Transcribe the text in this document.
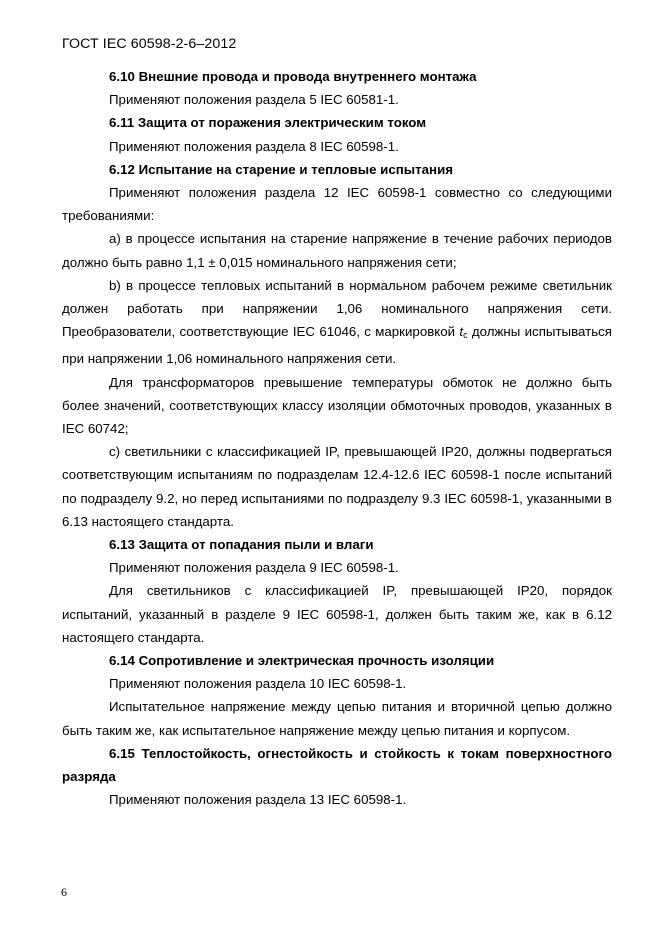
ГОСТ IEC 60598-2-6–2012

6.10 Внешние провода и провода внутреннего монтажа

Применяют положения раздела 5 IEC 60581-1.

6.11 Защита от поражения электрическим током

Применяют положения раздела 8 IEC 60598-1.

6.12 Испытание на старение и тепловые испытания

Применяют положения раздела 12 IEC 60598-1 совместно со следующими требованиями:

а) в процессе испытания на старение напряжение в течение рабочих периодов должно быть равно 1,1 ± 0,015 номинального напряжения сети;

b) в процессе тепловых испытаний в нормальном рабочем режиме светильник должен работать при напряжении 1,06 номинального напряжения сети. Преобразователи, соответствующие IEC 61046, с маркировкой $t_c$ должны испытываться при напряжении 1,06 номинального напряжения сети.

Для трансформаторов превышение температуры обмоток не должно быть более значений, соответствующих классу изоляции обмоточных проводов, указанных в IEC 60742;

с) светильники с классификацией IP, превышающей IP20, должны подвергаться соответствующим испытаниям по подразделам 12.4-12.6 IEC 60598-1 после испытаний по подразделу 9.2, но перед испытаниями по подразделу 9.3 IEC 60598-1, указанными в 6.13 настоящего стандарта.

6.13 Защита от попадания пыли и влаги

Применяют положения раздела 9 IEC 60598-1.

Для светильников с классификацией IP, превышающей IP20, порядок испытаний, указанный в разделе 9 IEC 60598-1, должен быть таким же, как в 6.12 настоящего стандарта.

6.14 Сопротивление и электрическая прочность изоляции

Применяют положения раздела 10 IEC 60598-1.

Испытательное напряжение между цепью питания и вторичной цепью должно быть таким же, как испытательное напряжение между цепью питания и корпусом.

6.15 Теплостойкость, огнестойкость и стойкость к токам поверхностного разряда

Применяют положения раздела 13 IEC 60598-1.

6
